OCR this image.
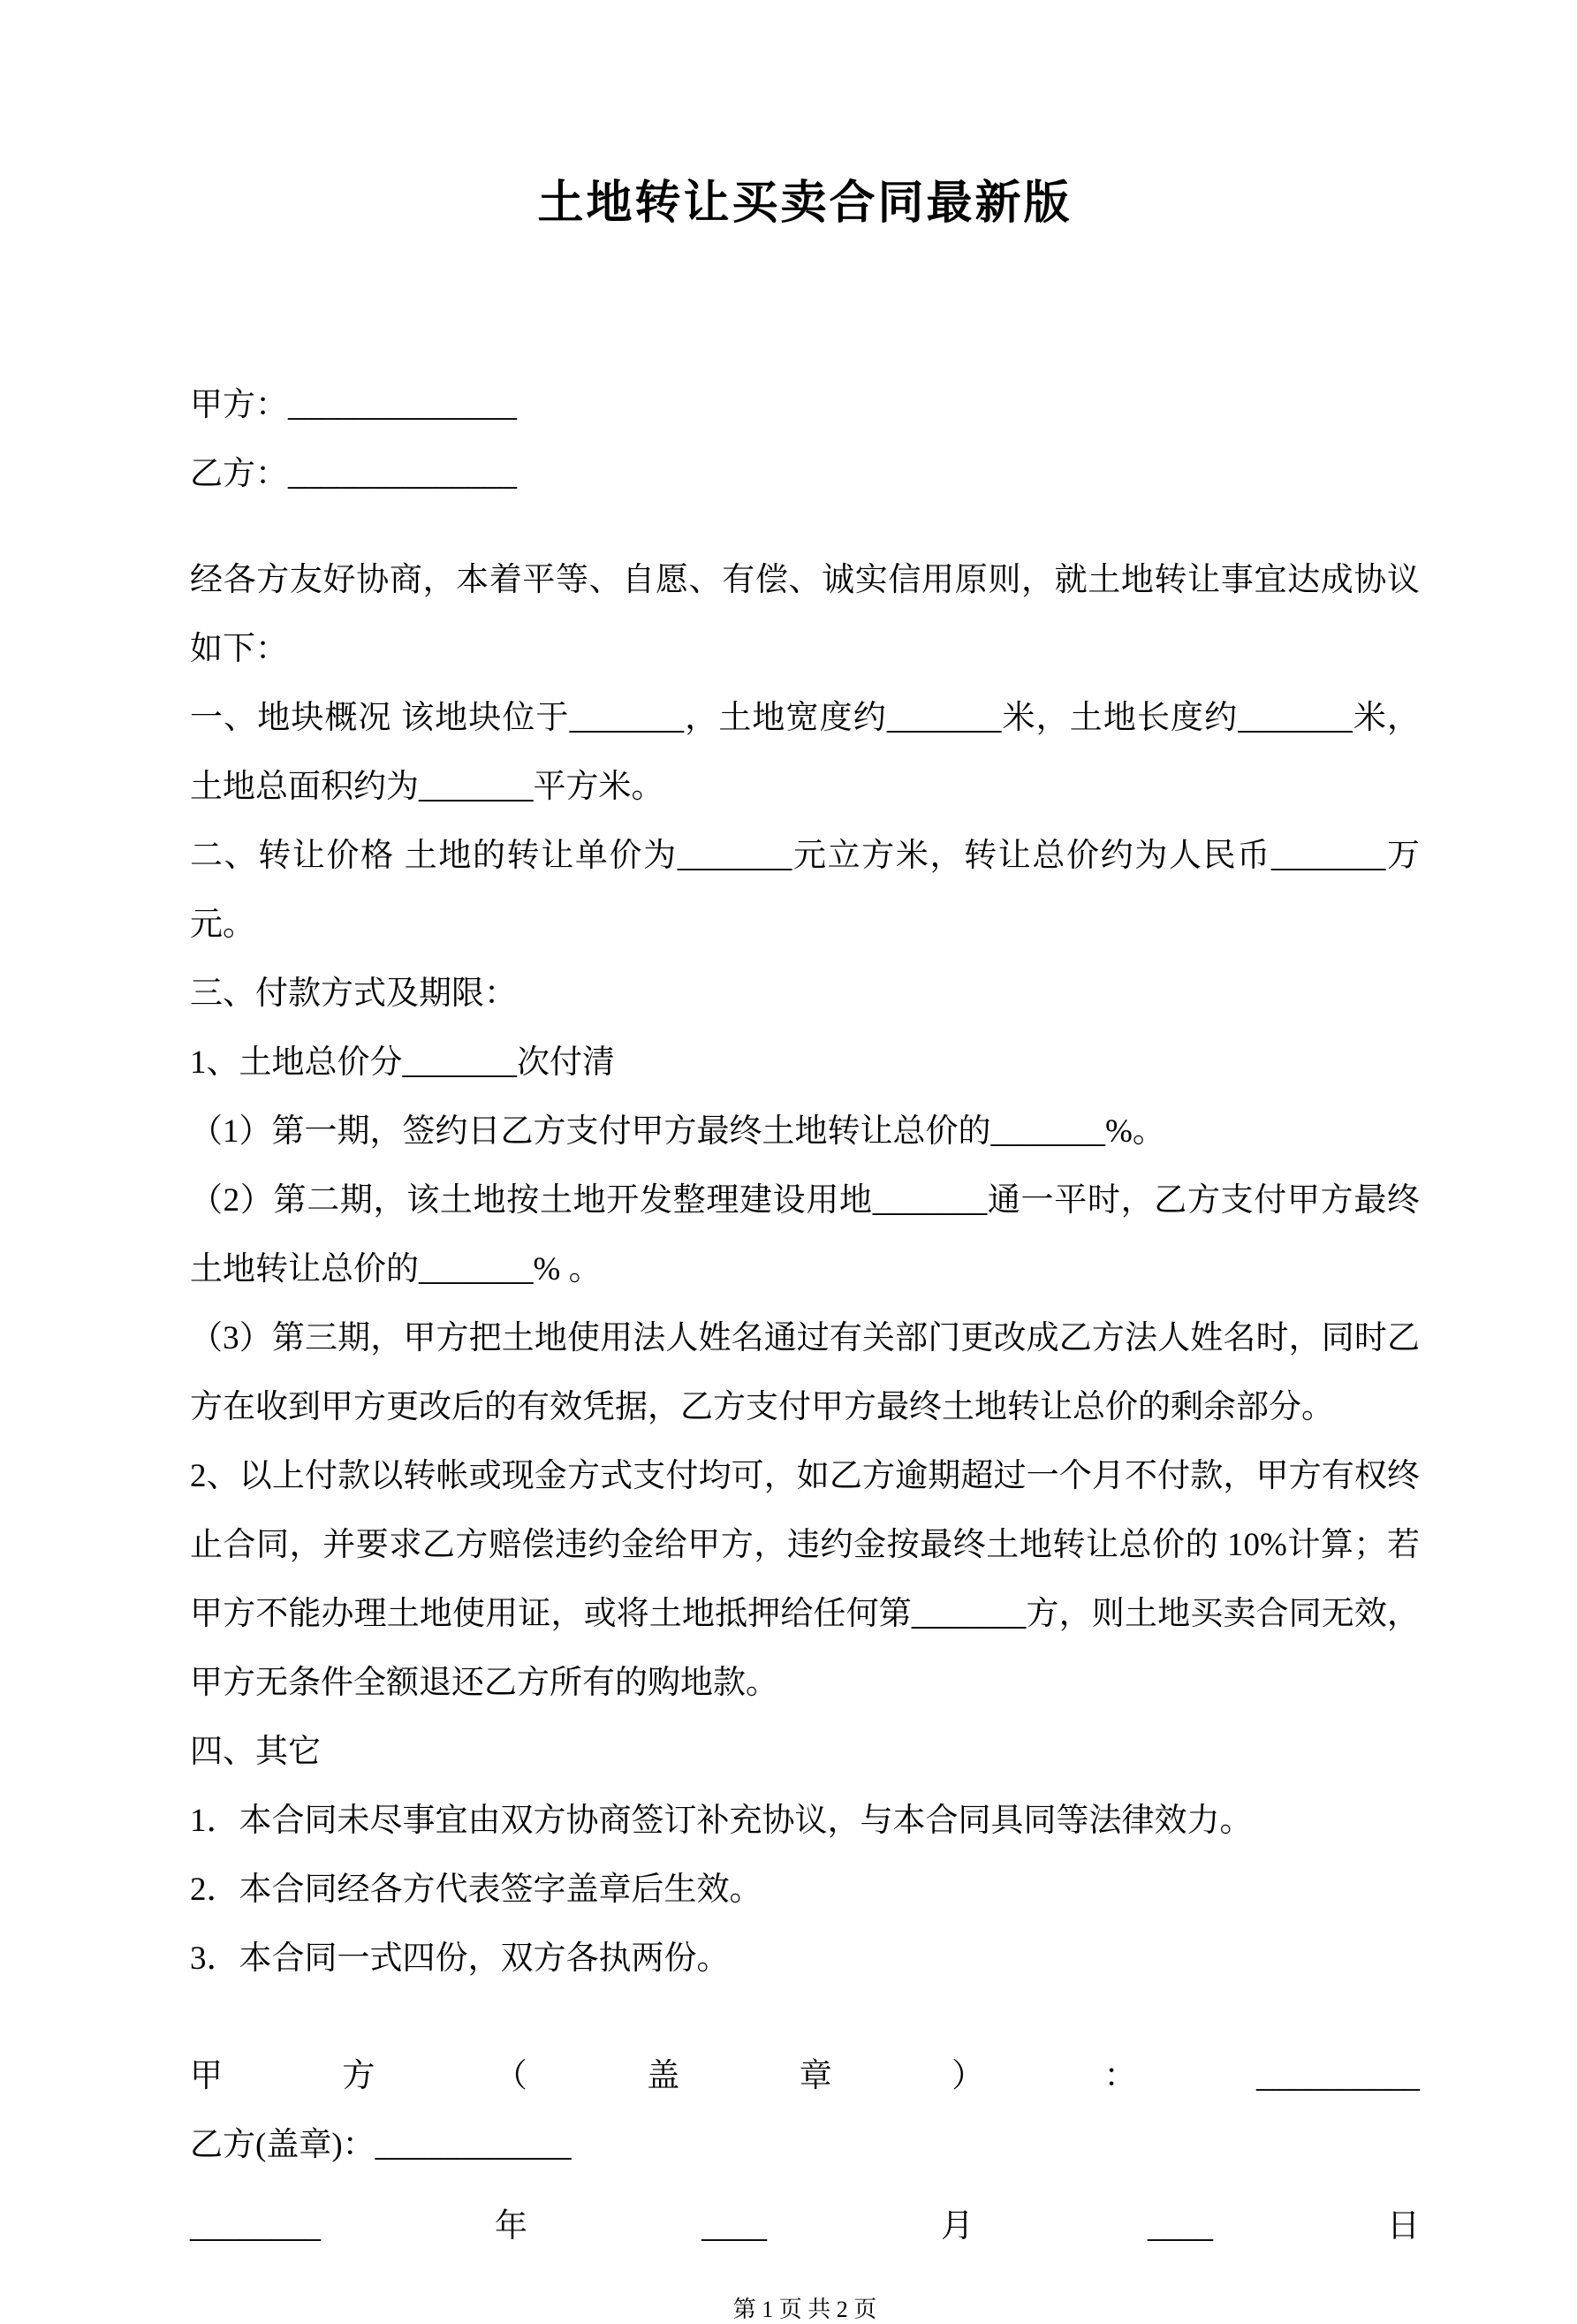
土地转让买卖合同最新版
甲方：______________
乙方：______________

经各方友好协商，本着平等、自愿、有偿、诚实信用原则，就土地转让事宜达成协议如下：

一、地块概况 该地块位于_______，土地宽度约_______米，土地长度约_______米，土地总面积约为_______平方米。

二、转让价格 土地的转让单价为_______元立方米，转让总价约为人民币_______万元。

三、付款方式及期限：

1、土地总价分_______次付清

（1）第一期，签约日乙方支付甲方最终土地转让总价的_______%。

（2）第二期，该土地按土地开发整理建设用地_______通一平时，乙方支付甲方最终土地转让总价的_______% 。

（3）第三期，甲方把土地使用法人姓名通过有关部门更改成乙方法人姓名时，同时乙方在收到甲方更改后的有效凭据，乙方支付甲方最终土地转让总价的剩余部分。

2、以上付款以转帐或现金方式支付均可，如乙方逾期超过一个月不付款，甲方有权终止合同，并要求乙方赔偿违约金给甲方，违约金按最终土地转让总价的 10%计算；若甲方不能办理土地使用证，或将土地抵押给任何第_______方，则土地买卖合同无效，甲方无条件全额退还乙方所有的购地款。

四、其它

1．本合同未尽事宜由双方协商签订补充协议，与本合同具同等法律效力。

2．本合同经各方代表签字盖章后生效。

3．本合同一式四份，双方各执两份。

甲	方	（	盖	章	）	：	__________
乙方(盖章)：____________
________	年	____	月	____	日
第 1 页 共 2 页
